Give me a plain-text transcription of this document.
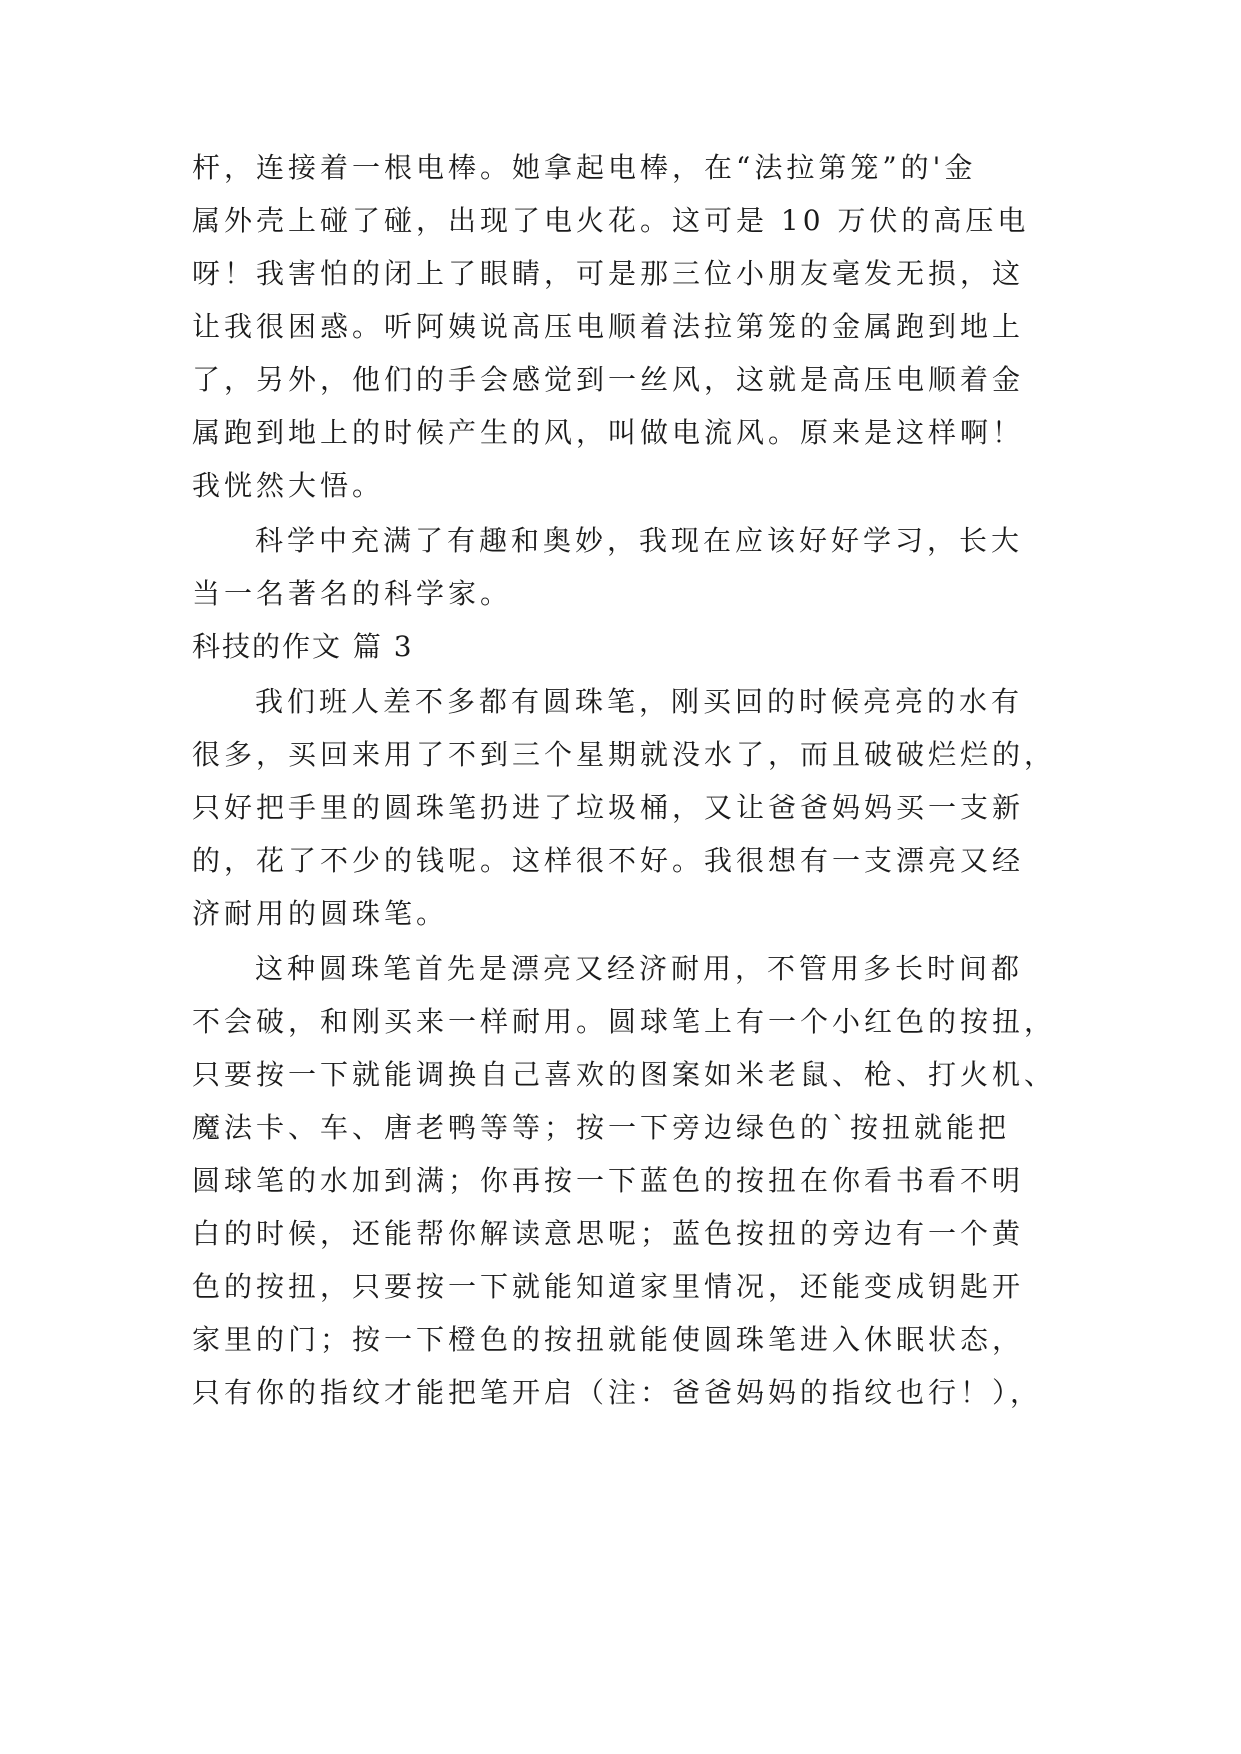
杆，连接着一根电棒。她拿起电棒，在“法拉第笼”的'金

属外壳上碰了碰，出现了电火花。这可是 10 万伏的高压电

呀！我害怕的闭上了眼睛，可是那三位小朋友毫发无损，这

让我很困惑。听阿姨说高压电顺着法拉第笼的金属跑到地上

了，另外，他们的手会感觉到一丝风，这就是高压电顺着金

属跑到地上的时候产生的风，叫做电流风。原来是这样啊！

我恍然大悟。

科学中充满了有趣和奥妙，我现在应该好好学习，长大

当一名著名的科学家。

科技的作文 篇 3

我们班人差不多都有圆珠笔，刚买回的时候亮亮的水有

很多，买回来用了不到三个星期就没水了，而且破破烂烂的，

只好把手里的圆珠笔扔进了垃圾桶，又让爸爸妈妈买一支新

的，花了不少的钱呢。这样很不好。我很想有一支漂亮又经

济耐用的圆珠笔。

这种圆珠笔首先是漂亮又经济耐用，不管用多长时间都

不会破，和刚买来一样耐用。圆球笔上有一个小红色的按扭，

只要按一下就能调换自己喜欢的图案如米老鼠、枪、打火机、

魔法卡、车、唐老鸭等等；按一下旁边绿色的`按扭就能把

圆球笔的水加到满；你再按一下蓝色的按扭在你看书看不明

白的时候，还能帮你解读意思呢；蓝色按扭的旁边有一个黄

色的按扭，只要按一下就能知道家里情况，还能变成钥匙开

家里的门；按一下橙色的按扭就能使圆珠笔进入休眠状态，

只有你的指纹才能把笔开启（注：爸爸妈妈的指纹也行！），
